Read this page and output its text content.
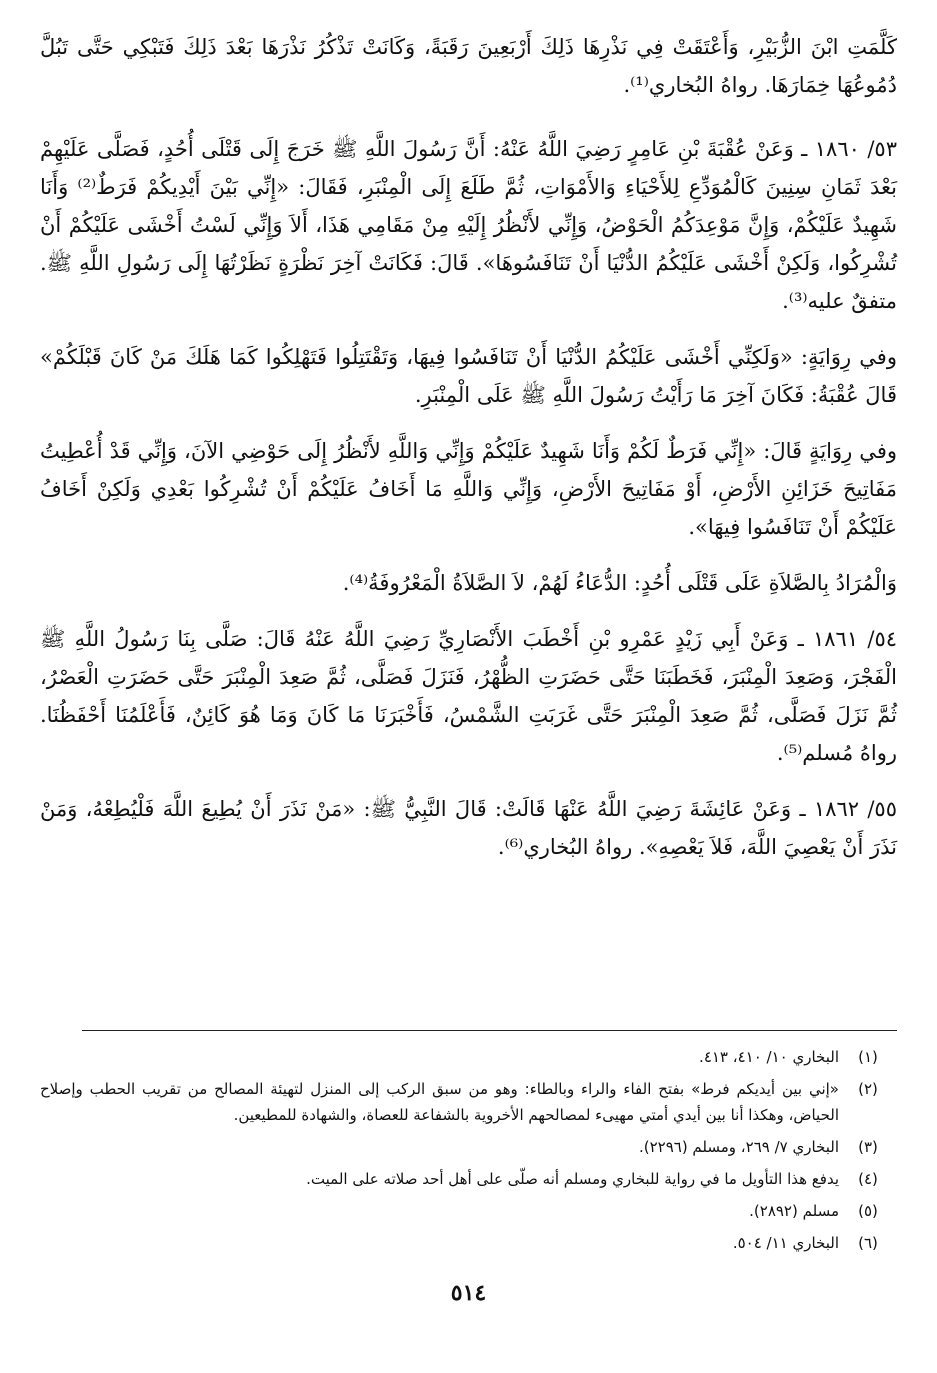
كَلَّمَتِ ابْنَ الزُّبَيْرِ، وَأَعْتَقَتْ فِي نَذْرِهَا ذَلِكَ أَرْبَعِينَ رَقَبَةً، وَكَانَتْ تَذْكُرُ نَذْرَهَا بَعْدَ ذَلِكَ فَتَبْكِي حَتَّى تَبُلَّ دُمُوعُهَا خِمَارَهَا. رواهُ البُخاري⁽¹⁾.

٥٣/ ١٨٦٠ ـ وَعَنْ عُقْبَةَ بْنِ عَامِرٍ رَضِيَ اللَّهُ عَنْهُ: أَنَّ رَسُولَ اللَّهِ ﷺ خَرَجَ إِلَى قَتْلَى أُحُدٍ، فَصَلَّى عَلَيْهِمْ بَعْدَ ثَمَانِ سِنِينَ كَالْمُوَدِّعِ لِلأَحْيَاءِ وَالأَمْوَاتِ، ثُمَّ طَلَعَ إِلَى الْمِنْبَرِ، فَقَالَ: «إِنِّي بَيْنَ أَيْدِيكُمْ فَرَطٌ⁽²⁾ وَأَنَا شَهِيدٌ عَلَيْكُمْ، وَإِنَّ مَوْعِدَكُمُ الْحَوْضُ، وَإِنِّي لأَنْظُرُ إِلَيْهِ مِنْ مَقَامِي هَذَا، أَلاَ وَإِنِّي لَسْتُ أَخْشَى عَلَيْكُمْ أَنْ تُشْرِكُوا، وَلَكِنْ أَخْشَى عَلَيْكُمُ الدُّنْيَا أَنْ تَنَافَسُوهَا». قَالَ: فَكَانَتْ آخِرَ نَظْرَةٍ نَظَرْتُهَا إِلَى رَسُولِ اللَّهِ ﷺ. متفقٌ عليه⁽³⁾.

وفي رِوَايَةٍ: «وَلَكِنِّي أَخْشَى عَلَيْكُمُ الدُّنْيَا أَنْ تَنَافَسُوا فِيهَا، وَتَقْتَتِلُوا فَتَهْلِكُوا كَمَا هَلَكَ مَنْ كَانَ قَبْلَكُمْ» قَالَ عُقْبَةُ: فَكَانَ آخِرَ مَا رَأَيْتُ رَسُولَ اللَّهِ ﷺ عَلَى الْمِنْبَرِ.

وفي رِوَايَةٍ قَالَ: «إِنِّي فَرَطٌ لَكُمْ وَأَنَا شَهِيدٌ عَلَيْكُمْ وَإِنِّي وَاللَّهِ لأَنْظُرُ إِلَى حَوْضِي الآنَ، وَإِنِّي قَدْ أُعْطِيتُ مَفَاتِيحَ خَزَائِنِ الأَرْضِ، أَوْ مَفَاتِيحَ الأَرْضِ، وَإِنِّي وَاللَّهِ مَا أَخَافُ عَلَيْكُمْ أَنْ تُشْرِكُوا بَعْدِي وَلَكِنْ أَخَافُ عَلَيْكُمْ أَنْ تَنَافَسُوا فِيهَا».

وَالْمُرَادُ بِالصَّلاَةِ عَلَى قَتْلَى أُحُدٍ: الدُّعَاءُ لَهُمْ، لاَ الصَّلاَةُ الْمَعْرُوفَةُ⁽⁴⁾.

٥٤/ ١٨٦١ ـ وَعَنْ أَبِي زَيْدٍ عَمْرِو بْنِ أَخْطَبَ الأَنْصَارِيِّ رَضِيَ اللَّهُ عَنْهُ قَالَ: صَلَّى بِنَا رَسُولُ اللَّهِ ﷺ الْفَجْرَ، وَصَعِدَ الْمِنْبَرَ، فَخَطَبَنَا حَتَّى حَضَرَتِ الظُّهْرُ، فَنَزَلَ فَصَلَّى، ثُمَّ صَعِدَ الْمِنْبَرَ حَتَّى حَضَرَتِ الْعَصْرُ، ثُمَّ نَزَلَ فَصَلَّى، ثُمَّ صَعِدَ الْمِنْبَرَ حَتَّى غَرَبَتِ الشَّمْسُ، فَأَخْبَرَنَا مَا كَانَ وَمَا هُوَ كَائِنٌ، فَأَعْلَمُنَا أَحْفَظُنَا. رواهُ مُسلم⁽⁵⁾.

٥٥/ ١٨٦٢ ـ وَعَنْ عَائِشَةَ رَضِيَ اللَّهُ عَنْهَا قَالَتْ: قَالَ النَّبِيُّ ﷺ: «مَنْ نَذَرَ أَنْ يُطِيعَ اللَّهَ فَلْيُطِعْهُ، وَمَنْ نَذَرَ أَنْ يَعْصِيَ اللَّهَ، فَلاَ يَعْصِهِ». رواهُ البُخاري⁽⁶⁾.

(١)
البخاري ١٠/ ٤١٠، ٤١٣.
(٢)
«إني بين أيديكم فرط» بفتح الفاء والراء وبالطاء: وهو من سبق الركب إلى المنزل لتهيئة المصالح من تقريب الحطب وإصلاح الحياض، وهكذا أنا بين أيدي أمتي مهيىء لمصالحهم الأخروية بالشفاعة للعصاة، والشهادة للمطيعين.
(٣)
البخاري ٧/ ٢٦٩، ومسلم (٢٢٩٦).
(٤)
يدفع هذا التأويل ما في رواية للبخاري ومسلم أنه صلّى على أهل أحد صلاته على الميت.
(٥)
مسلم (٢٨٩٢).
(٦)
البخاري ١١/ ٥٠٤.
٥١٤
